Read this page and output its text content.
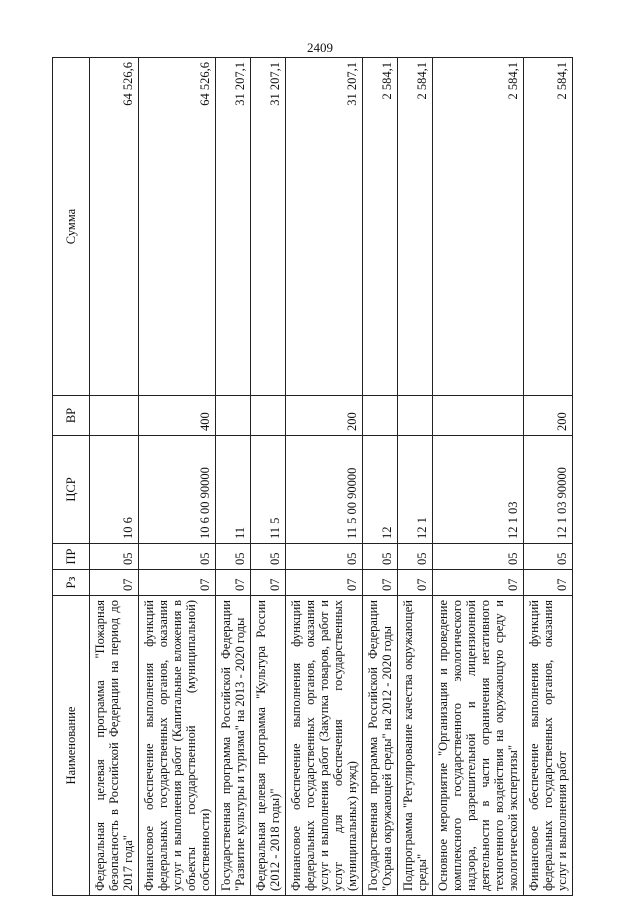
2409
Наименование	Рз	ПР	ЦСР	ВР	Сумма
Федеральная целевая программа "Пожарная безопасность в Российской Федерации на период до 2017 года"	07	05	10 6		64 526,6
Финансовое обеспечение выполнения функций федеральных государственных органов, оказания услуг и выполнения работ (Капитальные вложения в объекты государственной (муниципальной) собственности)	07	05	10 6 00 90000	400	64 526,6
Государственная программа Российской Федерации "Развитие культуры и туризма" на 2013 - 2020 годы	07	05	11		31 207,1
Федеральная целевая программа "Культура России (2012 - 2018 годы)"	07	05	11 5		31 207,1
Финансовое обеспечение выполнения функций федеральных государственных органов, оказания услуг и выполнения работ (Закупка товаров, работ и услуг для обеспечения государственных (муниципальных) нужд)	07	05	11 5 00 90000	200	31 207,1
Государственная программа Российской Федерации "Охрана окружающей среды" на 2012 - 2020 годы	07	05	12		2 584,1
Подпрограмма "Регулирование качества окружающей среды"	07	05	12 1		2 584,1
Основное мероприятие "Организация и проведение комплексного государственного экологического надзора, разрешительной и лицензионной деятельности в части ограничения негативного техногенного воздействия на окружающую среду и экологической экспертизы"	07	05	12 1 03		2 584,1
Финансовое обеспечение выполнения функций федеральных государственных органов, оказания услуг и выполнения работ	07	05	12 1 03 90000	200	2 584,1
